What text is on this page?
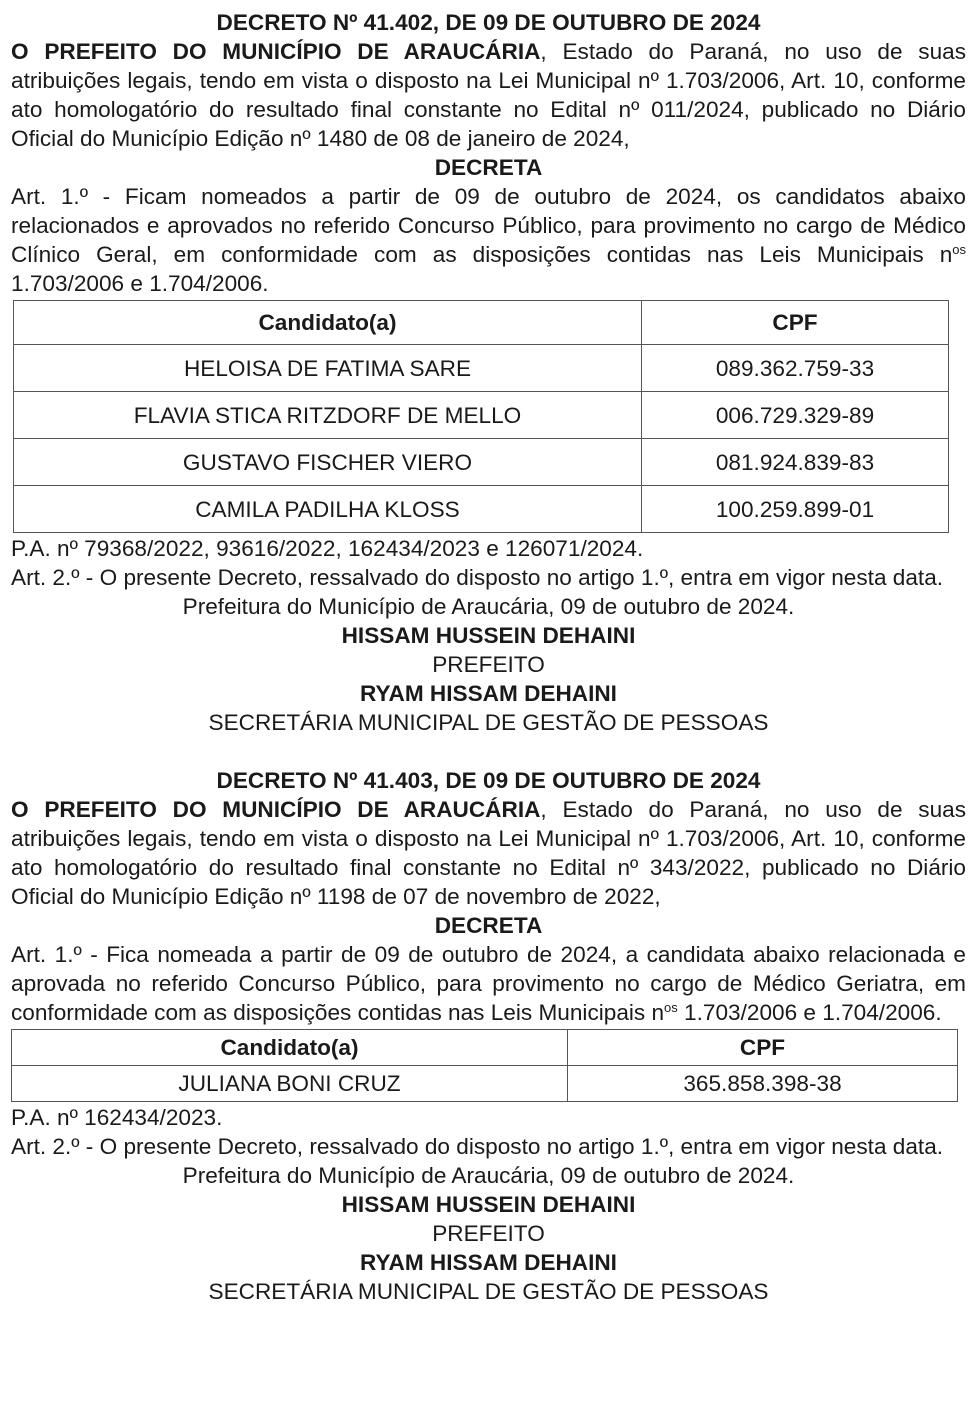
DECRETO Nº 41.402, DE 09 DE OUTUBRO DE 2024

O PREFEITO DO MUNICÍPIO DE ARAUCÁRIA, Estado do Paraná, no uso de suas atribuições legais, tendo em vista o disposto na Lei Municipal nº 1.703/2006, Art. 10, conforme ato homologatório do resultado final constante no Edital nº 011/2024, publicado no Diário Oficial do Município Edição nº 1480 de 08 de janeiro de 2024,

DECRETA

Art. 1.º - Ficam nomeados a partir de 09 de outubro de 2024, os candidatos abaixo relacionados e aprovados no referido Concurso Público, para provimento no cargo de Médico Clínico Geral, em conformidade com as disposições contidas nas Leis Municipais $n^{os}$ 1.703/2006 e 1.704/2006.

Candidato(a)	CPF
HELOISA DE FATIMA SARE	089.362.759-33
FLAVIA STICA RITZDORF DE MELLO	006.729.329-89
GUSTAVO FISCHER VIERO	081.924.839-83
CAMILA PADILHA KLOSS	100.259.899-01

P.A. nº 79368/2022, 93616/2022, 162434/2023 e 126071/2024.

Art. 2.º - O presente Decreto, ressalvado do disposto no artigo 1.º, entra em vigor nesta data.

Prefeitura do Município de Araucária, 09 de outubro de 2024.
HISSAM HUSSEIN DEHAINI
PREFEITO
RYAM HISSAM DEHAINI
SECRETÁRIA MUNICIPAL DE GESTÃO DE PESSOAS
DECRETO Nº 41.403, DE 09 DE OUTUBRO DE 2024

O PREFEITO DO MUNICÍPIO DE ARAUCÁRIA, Estado do Paraná, no uso de suas atribuições legais, tendo em vista o disposto na Lei Municipal nº 1.703/2006, Art. 10, conforme ato homologatório do resultado final constante no Edital nº 343/2022, publicado no Diário Oficial do Município Edição nº 1198 de 07 de novembro de 2022,

DECRETA

Art. 1.º - Fica nomeada a partir de 09 de outubro de 2024, a candidata abaixo relacionada e aprovada no referido Concurso Público, para provimento no cargo de Médico Geriatra, em conformidade com as disposições contidas nas Leis Municipais $n^{os}$ 1.703/2006 e 1.704/2006.

Candidato(a)	CPF
JULIANA BONI CRUZ	365.858.398-38

P.A. nº 162434/2023.

Art. 2.º - O presente Decreto, ressalvado do disposto no artigo 1.º, entra em vigor nesta data.

Prefeitura do Município de Araucária, 09 de outubro de 2024.
HISSAM HUSSEIN DEHAINI
PREFEITO
RYAM HISSAM DEHAINI
SECRETÁRIA MUNICIPAL DE GESTÃO DE PESSOAS
